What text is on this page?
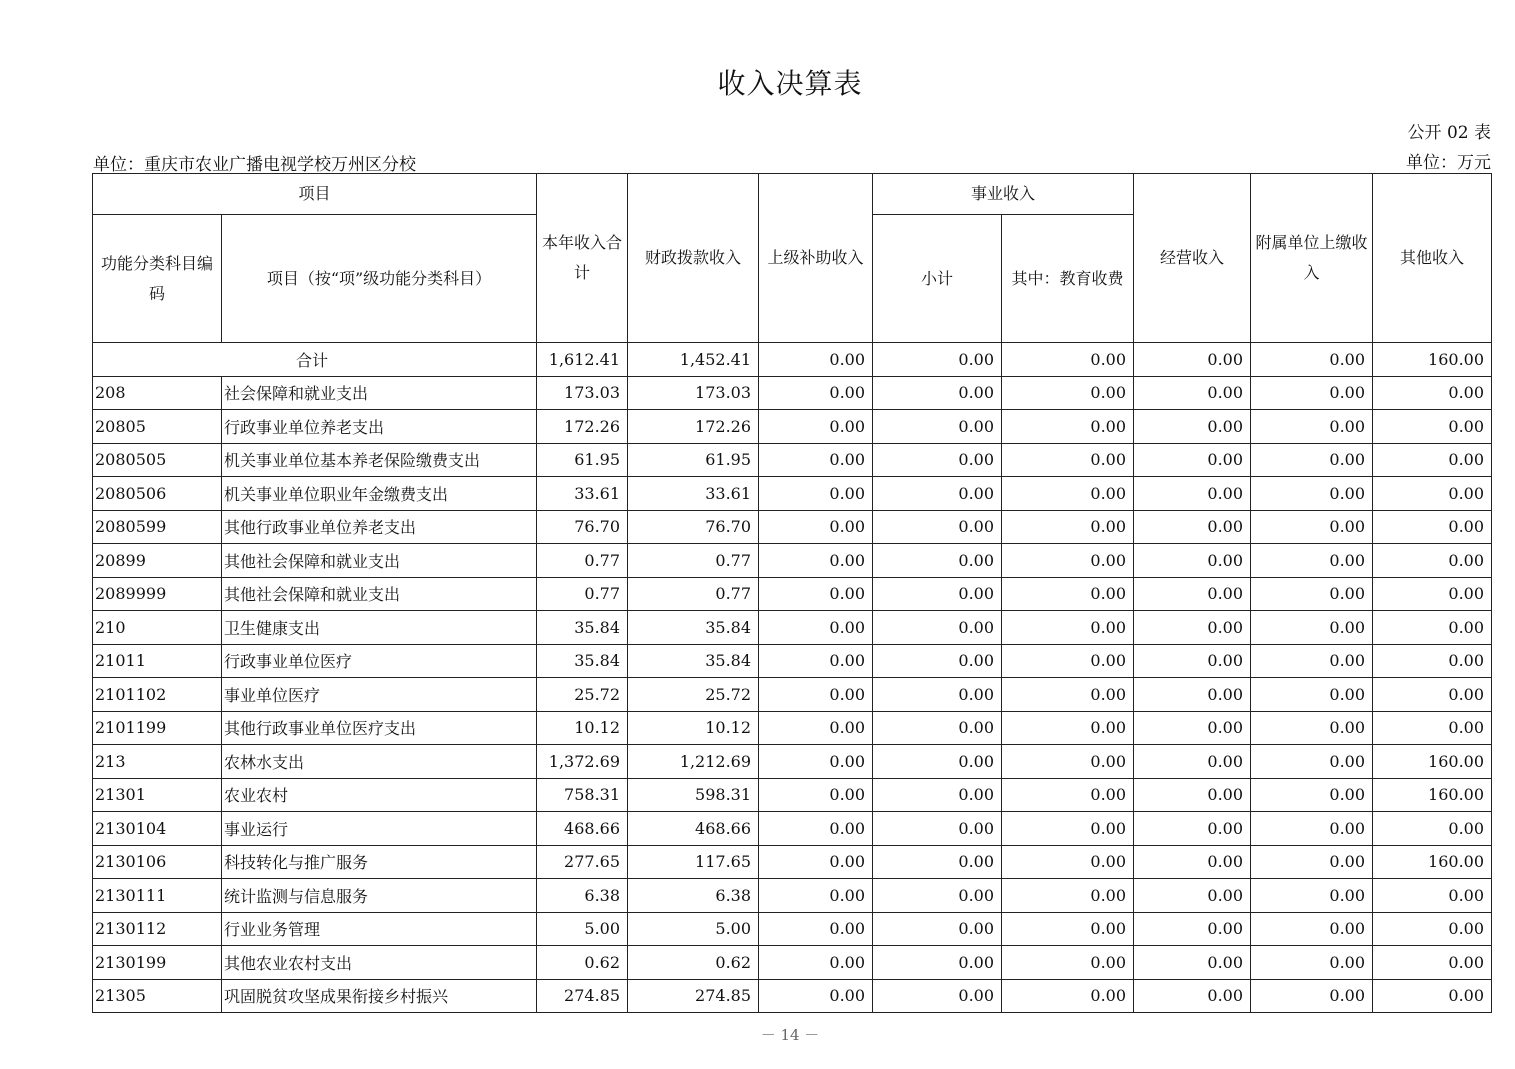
收入决算表
公开 02 表
单位：重庆市农业广播电视学校万州区分校	单位：万元
项目		本年收入合计	财政拨款收入	上级补助收入	事业收入		经营收入	附属单位上缴收入	其他收入
功能分类科目编码	项目（按“项”级功能分类科目）				小计	其中：教育收费			
合计		1,612.41	1,452.41	0.00	0.00	0.00	0.00	0.00	160.00
208	社会保障和就业支出	173.03	173.03	0.00	0.00	0.00	0.00	0.00	0.00
20805	行政事业单位养老支出	172.26	172.26	0.00	0.00	0.00	0.00	0.00	0.00
2080505	机关事业单位基本养老保险缴费支出	61.95	61.95	0.00	0.00	0.00	0.00	0.00	0.00
2080506	机关事业单位职业年金缴费支出	33.61	33.61	0.00	0.00	0.00	0.00	0.00	0.00
2080599	其他行政事业单位养老支出	76.70	76.70	0.00	0.00	0.00	0.00	0.00	0.00
20899	其他社会保障和就业支出	0.77	0.77	0.00	0.00	0.00	0.00	0.00	0.00
2089999	其他社会保障和就业支出	0.77	0.77	0.00	0.00	0.00	0.00	0.00	0.00
210	卫生健康支出	35.84	35.84	0.00	0.00	0.00	0.00	0.00	0.00
21011	行政事业单位医疗	35.84	35.84	0.00	0.00	0.00	0.00	0.00	0.00
2101102	事业单位医疗	25.72	25.72	0.00	0.00	0.00	0.00	0.00	0.00
2101199	其他行政事业单位医疗支出	10.12	10.12	0.00	0.00	0.00	0.00	0.00	0.00
213	农林水支出	1,372.69	1,212.69	0.00	0.00	0.00	0.00	0.00	160.00
21301	农业农村	758.31	598.31	0.00	0.00	0.00	0.00	0.00	160.00
2130104	事业运行	468.66	468.66	0.00	0.00	0.00	0.00	0.00	0.00
2130106	科技转化与推广服务	277.65	117.65	0.00	0.00	0.00	0.00	0.00	160.00
2130111	统计监测与信息服务	6.38	6.38	0.00	0.00	0.00	0.00	0.00	0.00
2130112	行业业务管理	5.00	5.00	0.00	0.00	0.00	0.00	0.00	0.00
2130199	其他农业农村支出	0.62	0.62	0.00	0.00	0.00	0.00	0.00	0.00
21305	巩固脱贫攻坚成果衔接乡村振兴	274.85	274.85	0.00	0.00	0.00	0.00	0.00	0.00
－ 14 －
